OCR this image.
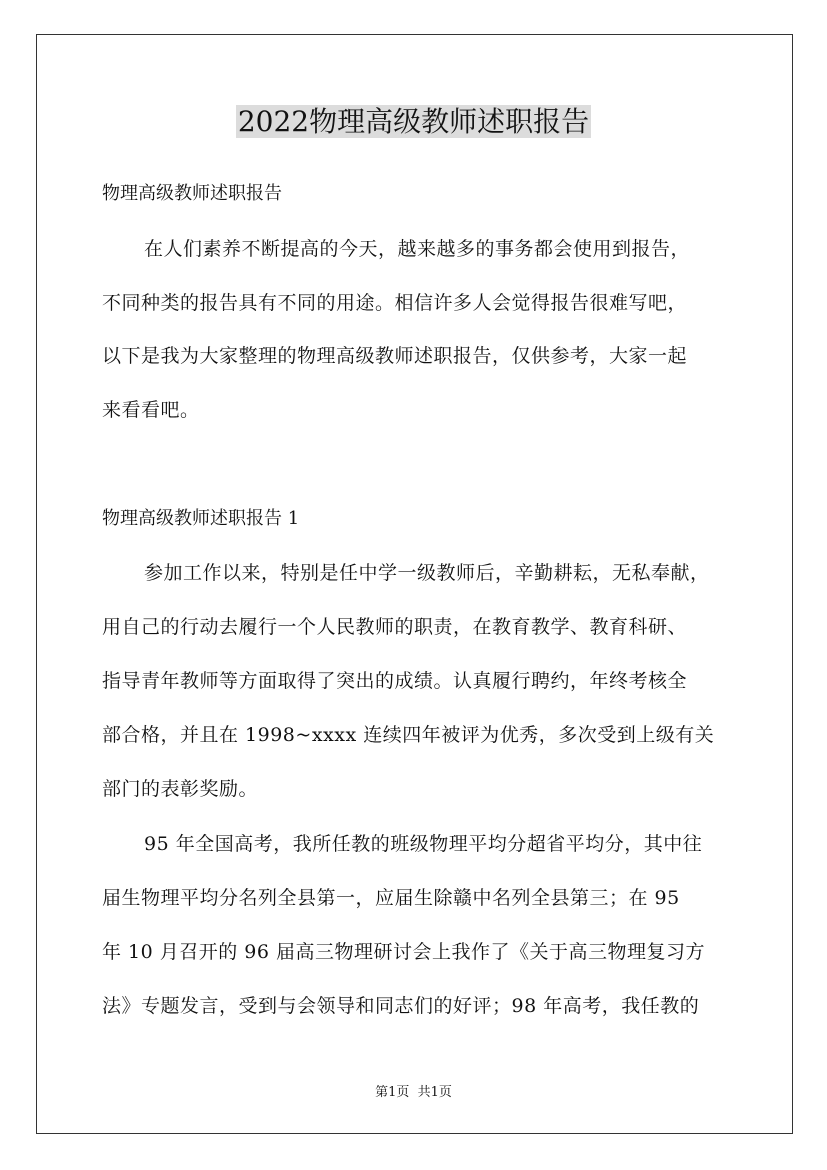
2022物理高级教师述职报告

物理高级教师述职报告

在人们素养不断提高的今天，越来越多的事务都会使用到报告，

不同种类的报告具有不同的用途。相信许多人会觉得报告很难写吧，

以下是我为大家整理的物理高级教师述职报告，仅供参考，大家一起

来看看吧。

物理高级教师述职报告 1

参加工作以来，特别是任中学一级教师后，辛勤耕耘，无私奉献，

用自己的行动去履行一个人民教师的职责，在教育教学、教育科研、

指导青年教师等方面取得了突出的成绩。认真履行聘约，年终考核全

部合格，并且在 1998~xxxx 连续四年被评为优秀，多次受到上级有关

部门的表彰奖励。

95 年全国高考，我所任教的班级物理平均分超省平均分，其中往

届生物理平均分名列全县第一，应届生除赣中名列全县第三；在 95

年 10 月召开的 96 届高三物理研讨会上我作了《关于高三物理复习方

法》专题发言，受到与会领导和同志们的好评；98 年高考，我任教的

第1页  共1页
